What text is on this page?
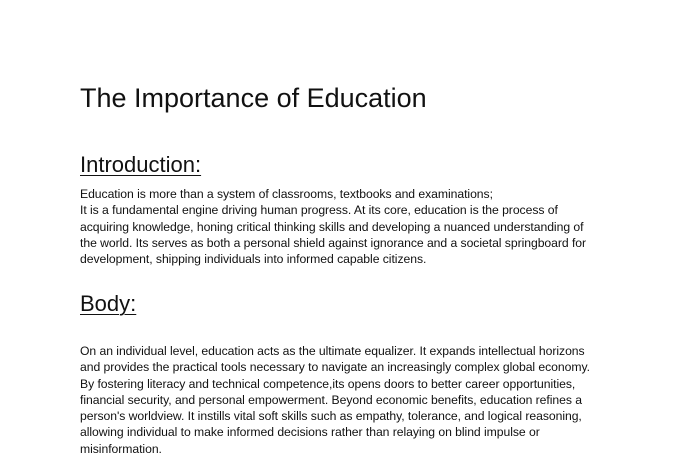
The Importance of Education
Introduction:

Education is more than a system of classrooms, textbooks and examinations;
It is a fundamental engine driving human progress. At its core, education is the process of
acquiring knowledge, honing critical thinking skills and developing a nuanced understanding of
the world. Its serves as both a personal shield against ignorance and a societal springboard for
development, shipping individuals into informed capable citizens.

Body:

On an individual level, education acts as the ultimate equalizer. It expands intellectual horizons
and provides the practical tools necessary to navigate an increasingly complex global economy.
By fostering literacy and technical competence,its opens doors to better career opportunities,
financial security, and personal empowerment. Beyond economic benefits, education refines a
person's worldview. It instills vital soft skills such as empathy, tolerance, and logical reasoning,
allowing individual to make informed decisions rather than relaying on blind impulse or
misinformation.
